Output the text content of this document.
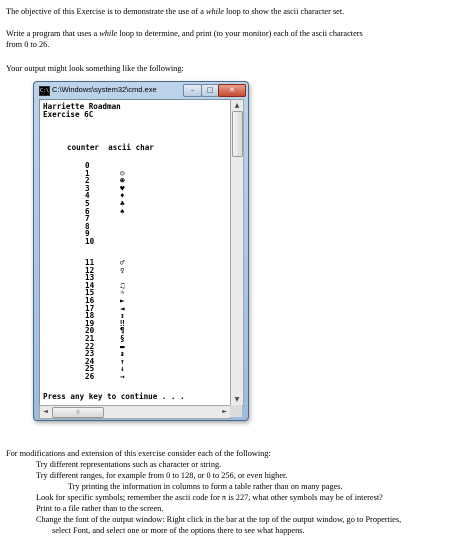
The objective of this Exercise is to demonstrate the use of a while loop to show the ascii character set.
Write a program that uses a while loop to determine, and print (to your monitor) each of the ascii characters
from 0 to 26.
Your output might look something like the following:
C:\ C:\Windows\system32\cmd.exe	–	□	✕
Harriette Roadman
Exercise 6C
counter  ascii char
0
1	☺
2	☻
3	♥
4	♦
5	♣
6	♠
7
8
9
10
11	♂
12	♀
13
14	♫
15	☼
16	►
17	◄
18	↕
19	‼
20	¶
21	§
22	▬
23	↨
24	↑
25	↓
26	→
Press any key to continue . . .
▲
▼
◄	|||	►
For modifications and extension of this exercise consider each of the following:
Try different representations such as character or string.
Try different ranges, for example from 0 to 128, or 0 to 256, or even higher.
Try printing the information in columns to form a table rather than on many pages.
Look for specific symbols; remember the ascii code for π is 227, what other symbols may be of interest?
Print to a file rather than to the screen.
Change the font of the output window: Right click in the bar at the top of the output window, go to Properties,
select Font, and select one or more of the options there to see what happens.
